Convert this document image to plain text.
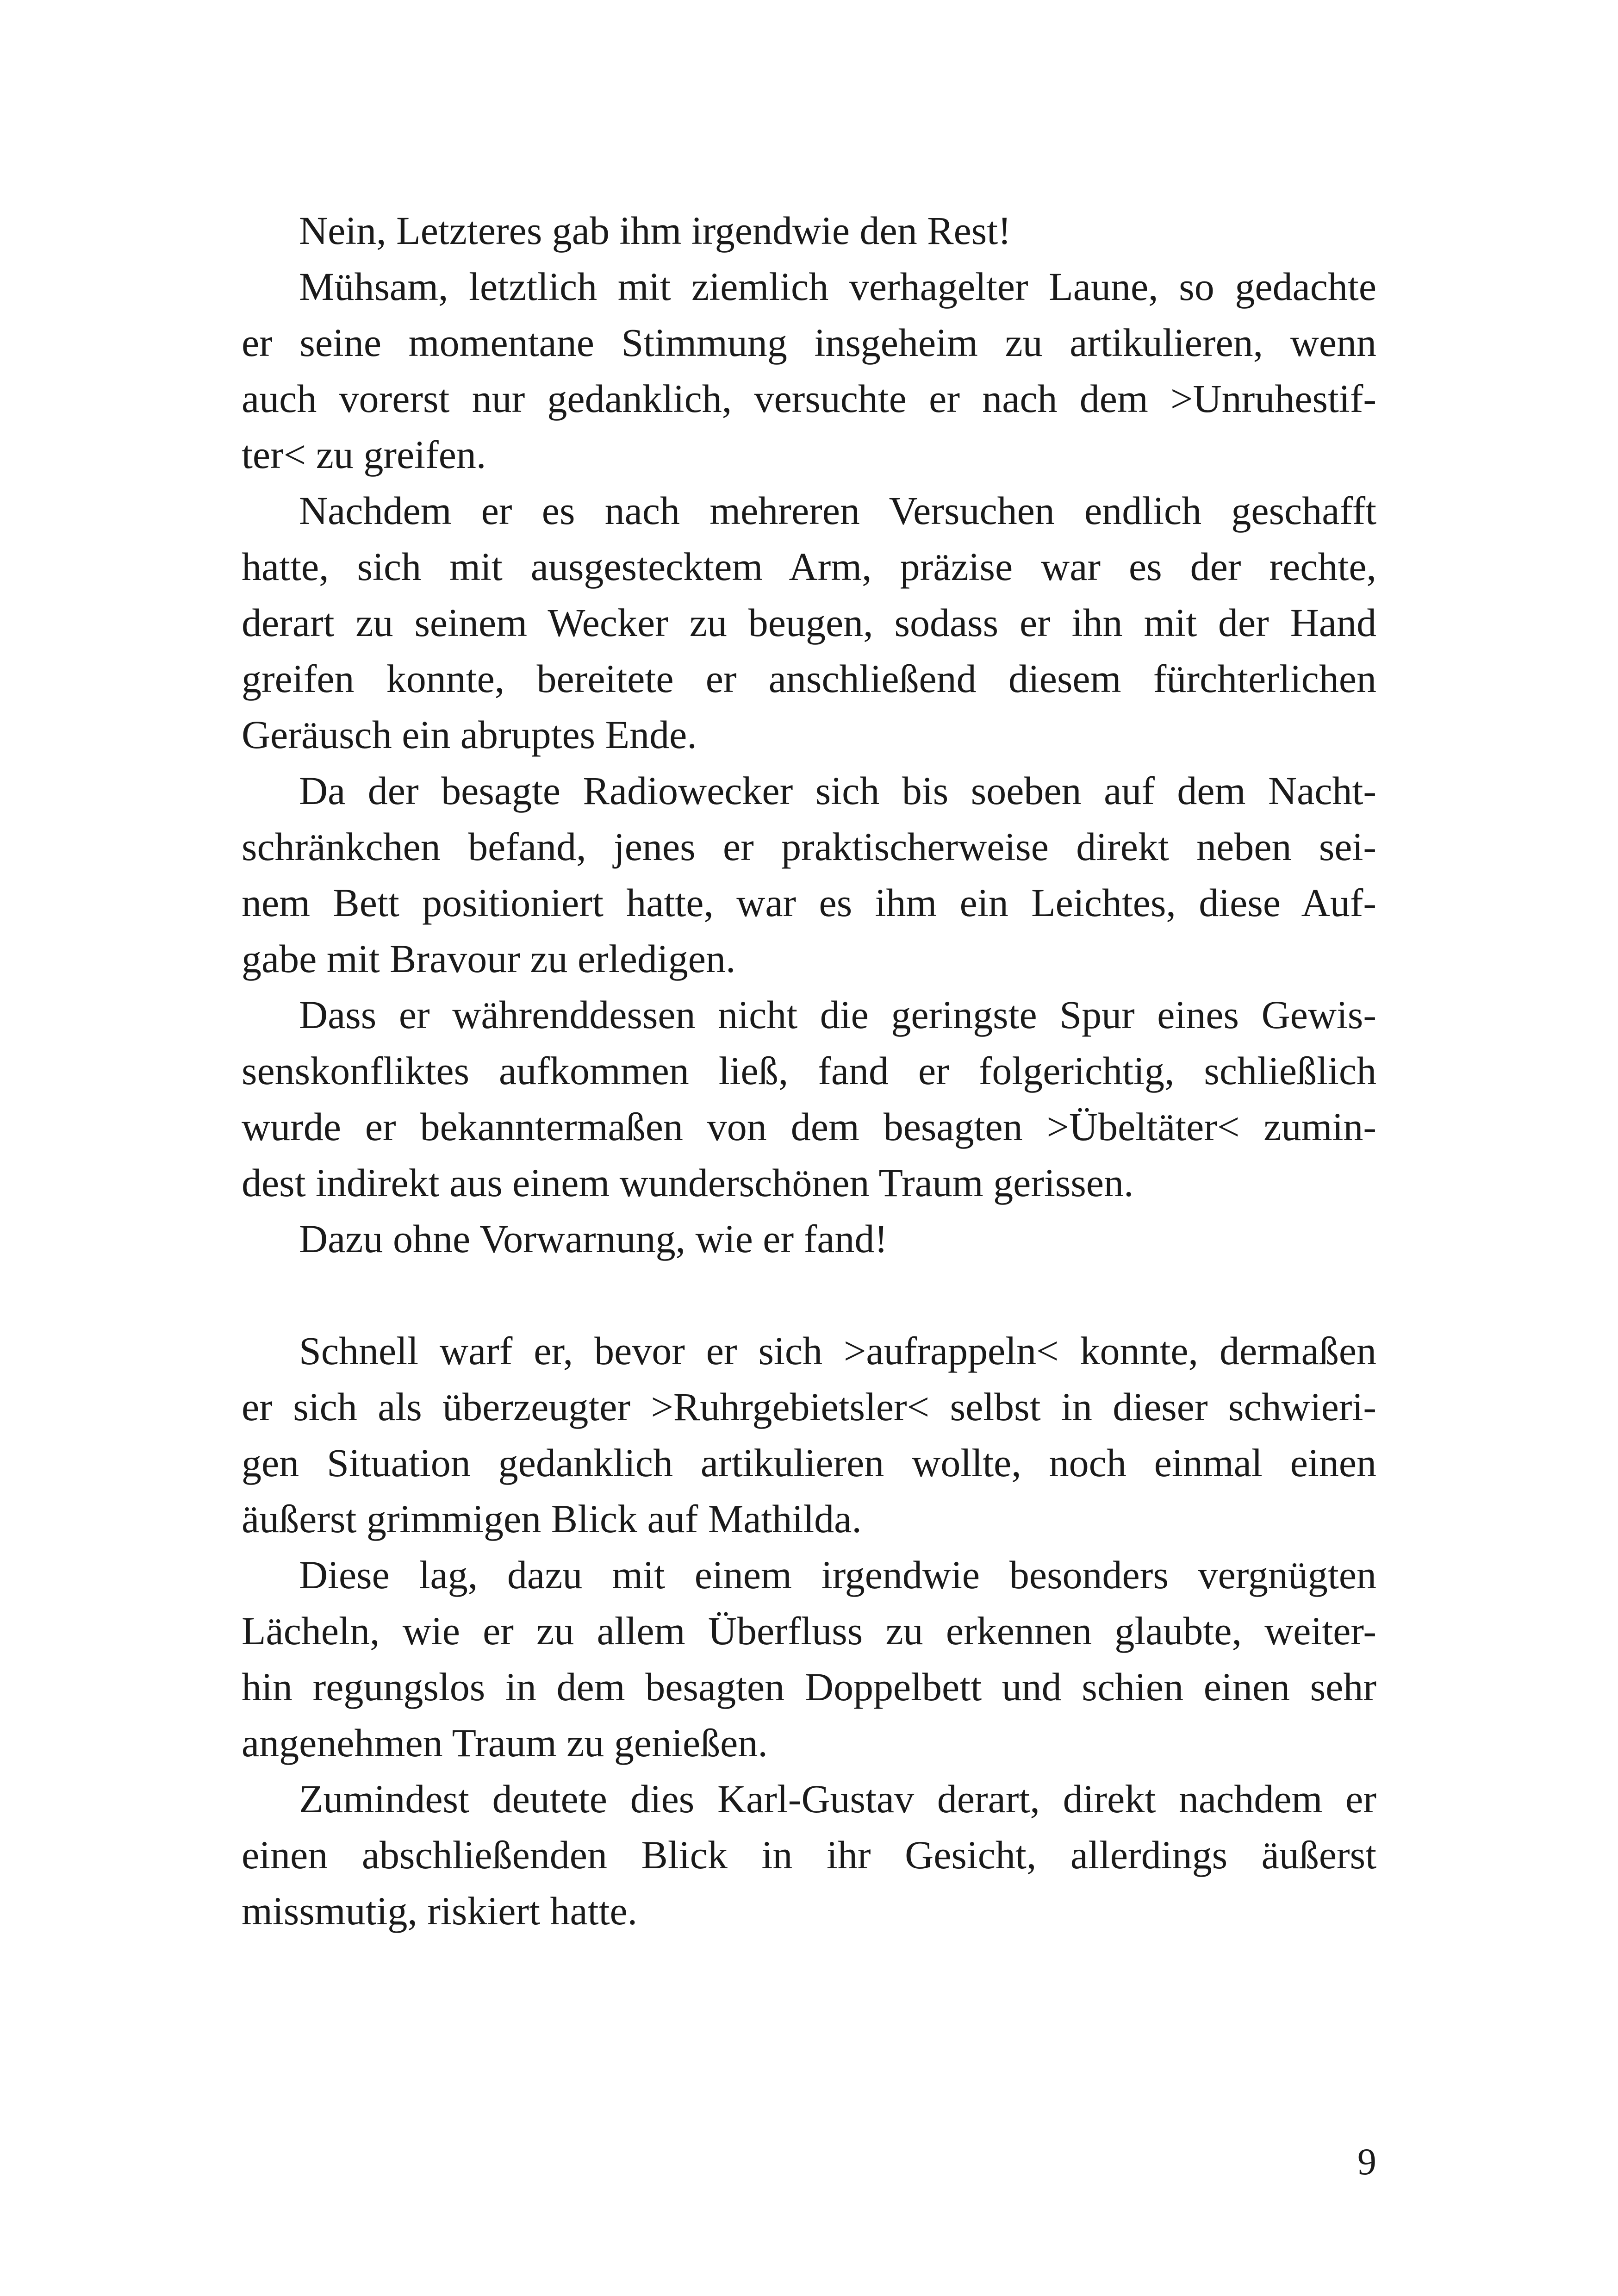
Nein, Letzteres gab ihm irgendwie den Rest!
Mühsam, letztlich mit ziemlich verhagelter Laune, so gedachte
er seine momentane Stimmung insgeheim zu artikulieren, wenn
auch vorerst nur gedanklich, versuchte er nach dem >Unruhestif-
ter< zu greifen.
Nachdem er es nach mehreren Versuchen endlich geschafft
hatte, sich mit ausgestecktem Arm, präzise war es der rechte,
derart zu seinem Wecker zu beugen, sodass er ihn mit der Hand
greifen konnte, bereitete er anschließend diesem fürchterlichen
Geräusch ein abruptes Ende.
Da der besagte Radiowecker sich bis soeben auf dem Nacht-
schränkchen befand, jenes er praktischerweise direkt neben sei-
nem Bett positioniert hatte, war es ihm ein Leichtes, diese Auf-
gabe mit Bravour zu erledigen.
Dass er währenddessen nicht die geringste Spur eines Gewis-
senskonfliktes aufkommen ließ, fand er folgerichtig, schließlich
wurde er bekanntermaßen von dem besagten >Übeltäter< zumin-
dest indirekt aus einem wunderschönen Traum gerissen.
Dazu ohne Vorwarnung, wie er fand!
Schnell warf er, bevor er sich >aufrappeln< konnte, dermaßen
er sich als überzeugter >Ruhrgebietsler< selbst in dieser schwieri-
gen Situation gedanklich artikulieren wollte, noch einmal einen
äußerst grimmigen Blick auf Mathilda.
Diese lag, dazu mit einem irgendwie besonders vergnügten
Lächeln, wie er zu allem Überfluss zu erkennen glaubte, weiter-
hin regungslos in dem besagten Doppelbett und schien einen sehr
angenehmen Traum zu genießen.
Zumindest deutete dies Karl-Gustav derart, direkt nachdem er
einen abschließenden Blick in ihr Gesicht, allerdings äußerst
missmutig, riskiert hatte.
9
